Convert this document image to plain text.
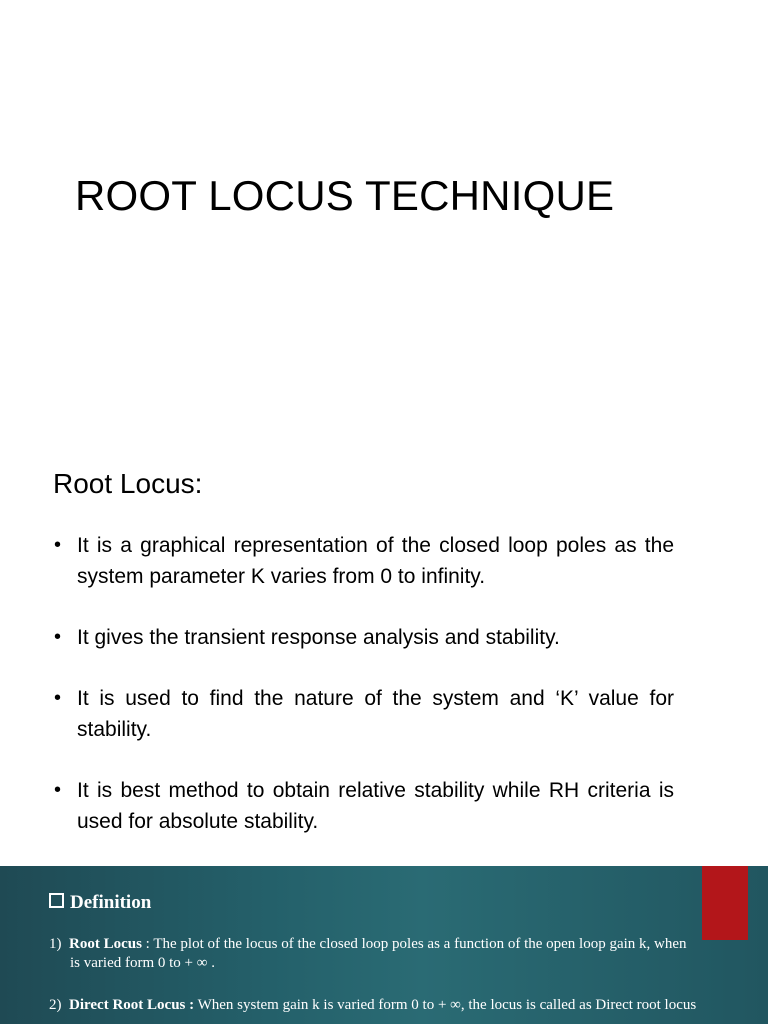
ROOT LOCUS TECHNIQUE
Root Locus:
• It is a graphical representation of the closed loop poles as the system parameter K varies from 0 to infinity.
• It gives the transient response analysis and stability.
• It is used to find the nature of the system and ‘K’ value for stability.
• It is best method to obtain relative stability while RH criteria is used for absolute stability.
Definition
1) Root Locus : The plot of the locus of the closed loop poles as a function of the open loop gain k, when
is varied form 0 to + ∞ .
2) Direct Root Locus : When system gain k is varied form 0 to + ∞, the locus is called as Direct root locus
